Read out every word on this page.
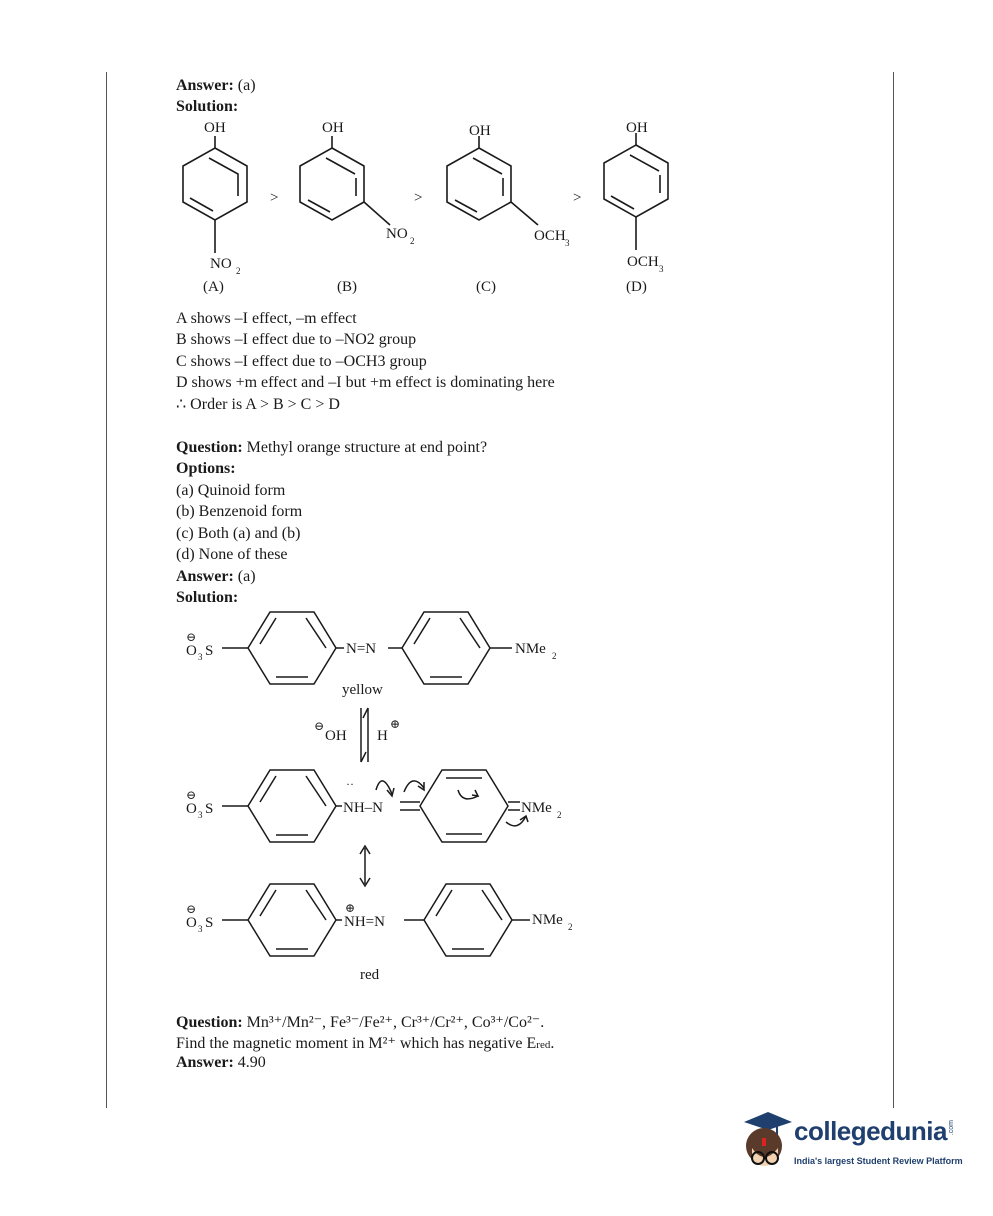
Answer: (a)
Solution:
OH	OH	OH	OH
>	>	>
NO 2
NO 2	OCH 3
OCH 3
(A)	(B)	(C)	(D)
A shows –I effect, –m effect
B shows –I effect due to –NO2 group
C shows –I effect due to –OCH3 group
D shows +m effect and –I but +m effect is dominating here
∴ Order is A > B > C > D
Question: Methyl orange structure at end point?
Options:
(a) Quinoid form
(b) Benzenoid form
(c) Both (a) and (b)
(d) None of these
Answer: (a)
Solution:
⊖
O 3 S	N=N	NMe 2
yellow
⊖
OH H
⊕
⊖
O 3 S
··
NH–N	NMe 2
⊖
O 3 S
⊕
NH=N	NMe 2
red
Question: Mn³⁺/Mn²⁻, Fe³⁻/Fe²⁺, Cr³⁺/Cr²⁺, Co³⁺/Co²⁻.
Find the magnetic moment in M²⁺ which has negative Ered.
Answer: 4.90
collegedunia .com
India's largest Student Review Platform
